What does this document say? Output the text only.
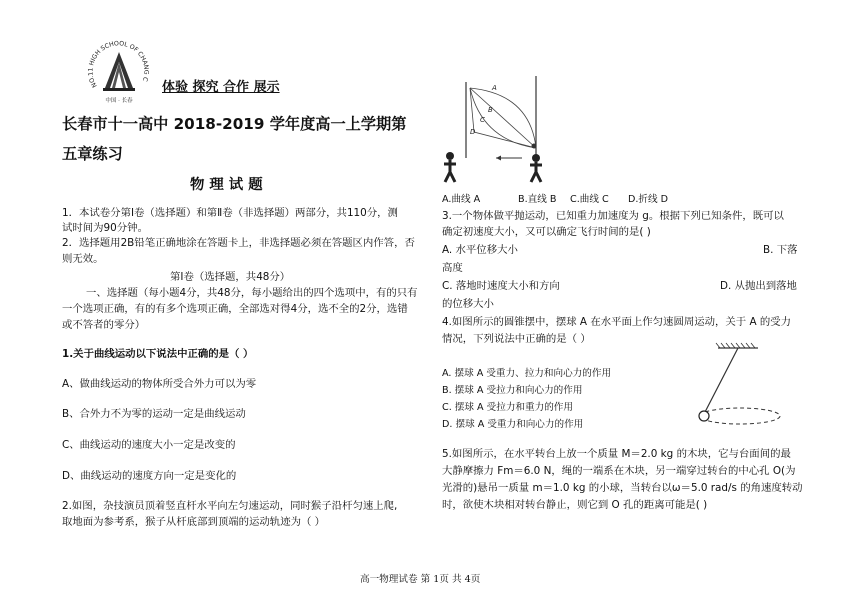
NO.11 HIGH SCHOOL OF CHANG C
中国 · 长春
体验 探究 合作 展示
长春市十一高中 2018-2019 学年度高一上学期第
五章练习
物 理 试 题
1．本试卷分第Ⅰ卷（选择题）和第Ⅱ卷（非选择题）两部分，共110分，测
试时间为90分钟。
2．选择题用2B铅笔正确地涂在答题卡上，非选择题必须在答题区内作答，否
则无效。
第Ⅰ卷（选择题，共48分）
一、选择题（每小题4分，共48分，每小题给出的四个选项中，有的只有
一个选项正确，有的有多个选项正确，全部选对得4分，选不全的2分，选错
或不答者的零分）
1.关于曲线运动以下说法中正确的是（ ）
A、做曲线运动的物体所受合外力可以为零
B、合外力不为零的运动一定是曲线运动
C、曲线运动的速度大小一定是改变的
D、曲线运动的速度方向一定是变化的
2.如图，杂技演员顶着竖直杆水平向左匀速运动，同时猴子沿杆匀速上爬,
取地面为参考系，猴子从杆底部到顶端的运动轨迹为（ ）
A
B
C
D
A.曲线 A	B.直线 B C.曲线 C D.折线 D
3.一个物体做平抛运动，已知重力加速度为 g。根据下列已知条件，既可以
确定初速度大小，又可以确定飞行时间的是( )
A. 水平位移大小	B. 下落
高度
C. 落地时速度大小和方向	D. 从抛出到落地
的位移大小
4.如图所示的圆锥摆中，摆球 A 在水平面上作匀速圆周运动，关于 A 的受力
情况，下列说法中正确的是（ ）
A. 摆球 A 受重力、拉力和向心力的作用
B. 摆球 A 受拉力和向心力的作用
C. 摆球 A 受拉力和重力的作用
D. 摆球 A 受重力和向心力的作用
5.如图所示，在水平转台上放一个质量 M＝2.0 kg 的木块，它与台面间的最
大静摩擦力 Fm＝6.0 N，绳的一端系在木块，另一端穿过转台的中心孔 O(为
光滑的)悬吊一质量 m＝1.0 kg 的小球，当转台以ω＝5.0 rad/s 的角速度转动
时，欲使木块相对转台静止，则它到 O 孔的距离可能是( )
高一物理试卷 第 1页 共 4页
